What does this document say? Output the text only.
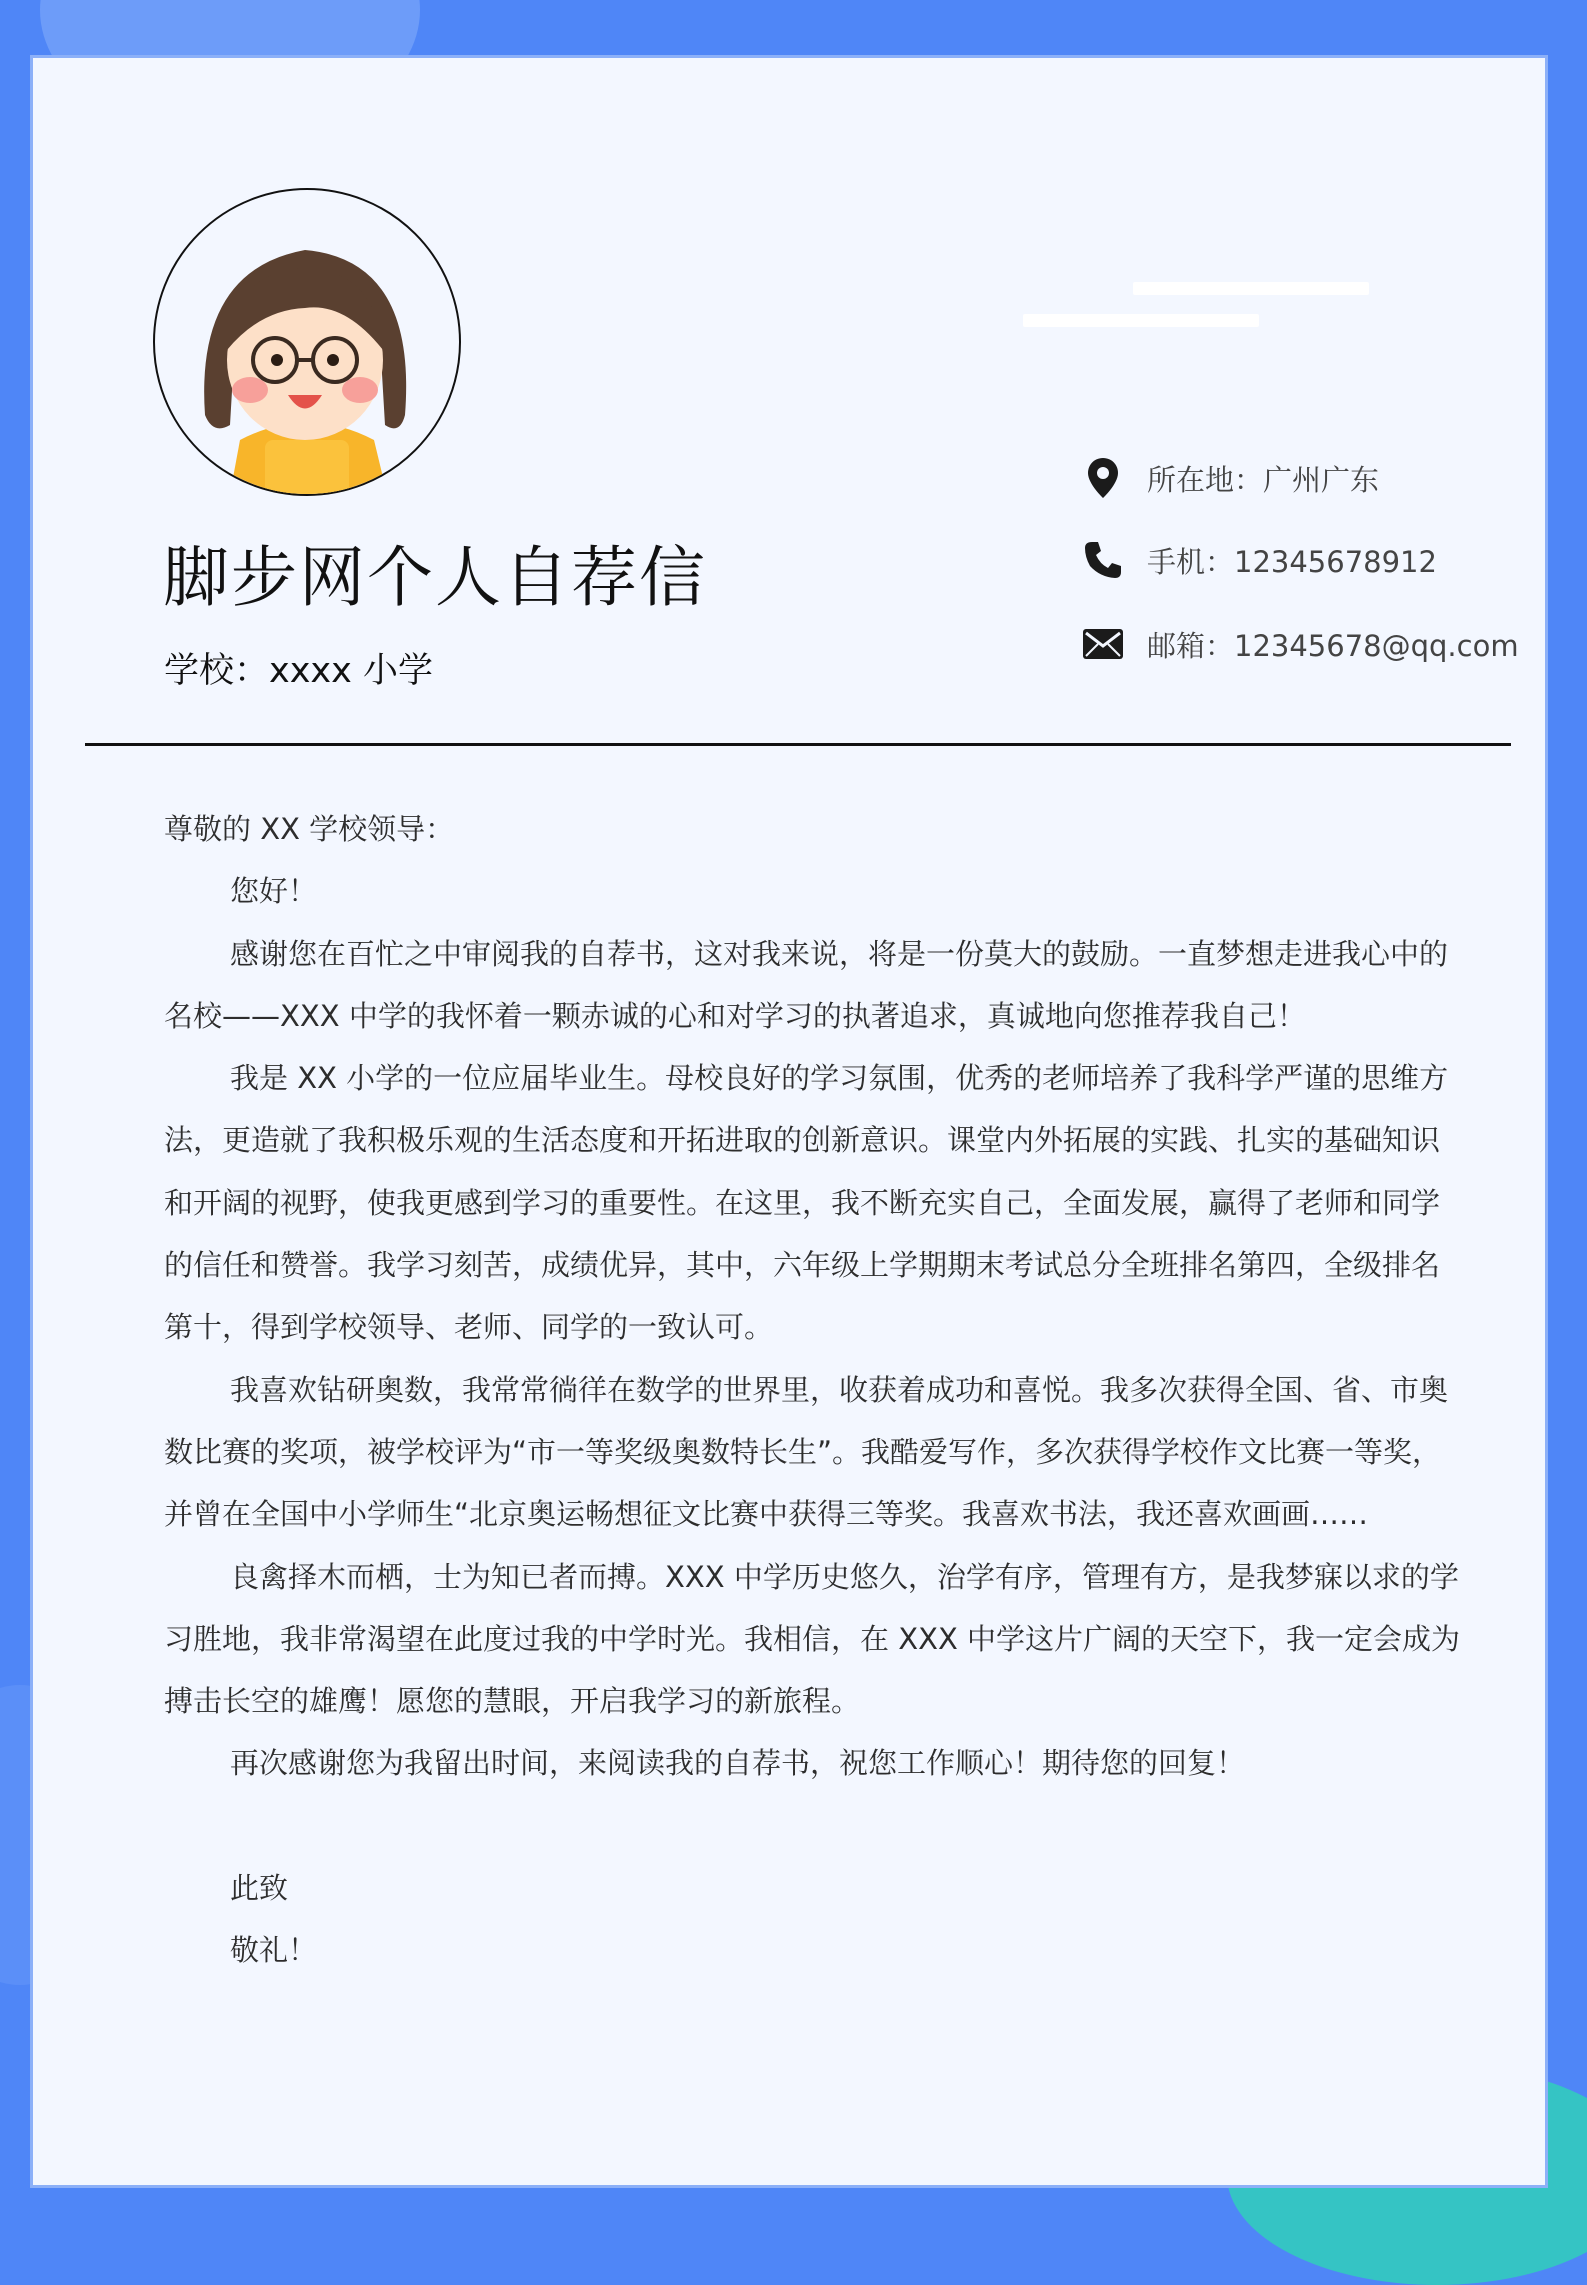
脚步网个人自荐信
学校：xxxx 小学
所在地：广州广东
手机：12345678912
邮箱：12345678@qq.com

尊敬的 XX 学校领导：

您好！

感谢您在百忙之中审阅我的自荐书，这对我来说，将是一份莫大的鼓励。一直梦想走进我心中的名校——XXX 中学的我怀着一颗赤诚的心和对学习的执著追求，真诚地向您推荐我自己！

我是 XX 小学的一位应届毕业生。母校良好的学习氛围，优秀的老师培养了我科学严谨的思维方法，更造就了我积极乐观的生活态度和开拓进取的创新意识。课堂内外拓展的实践、扎实的基础知识和开阔的视野，使我更感到学习的重要性。在这里，我不断充实自己，全面发展，赢得了老师和同学的信任和赞誉。我学习刻苦，成绩优异，其中，六年级上学期期末考试总分全班排名第四，全级排名第十，得到学校领导、老师、同学的一致认可。

我喜欢钻研奥数，我常常徜徉在数学的世界里，收获着成功和喜悦。我多次获得全国、省、市奥数比赛的奖项，被学校评为“市一等奖级奥数特长生”。我酷爱写作，多次获得学校作文比赛一等奖，并曾在全国中小学师生“北京奥运畅想征文比赛中获得三等奖。我喜欢书法，我还喜欢画画……

良禽择木而栖，士为知已者而搏。XXX 中学历史悠久，治学有序，管理有方，是我梦寐以求的学习胜地，我非常渴望在此度过我的中学时光。我相信，在 XXX 中学这片广阔的天空下，我一定会成为搏击长空的雄鹰！愿您的慧眼，开启我学习的新旅程。

再次感谢您为我留出时间，来阅读我的自荐书，祝您工作顺心！期待您的回复！

此致

敬礼！
